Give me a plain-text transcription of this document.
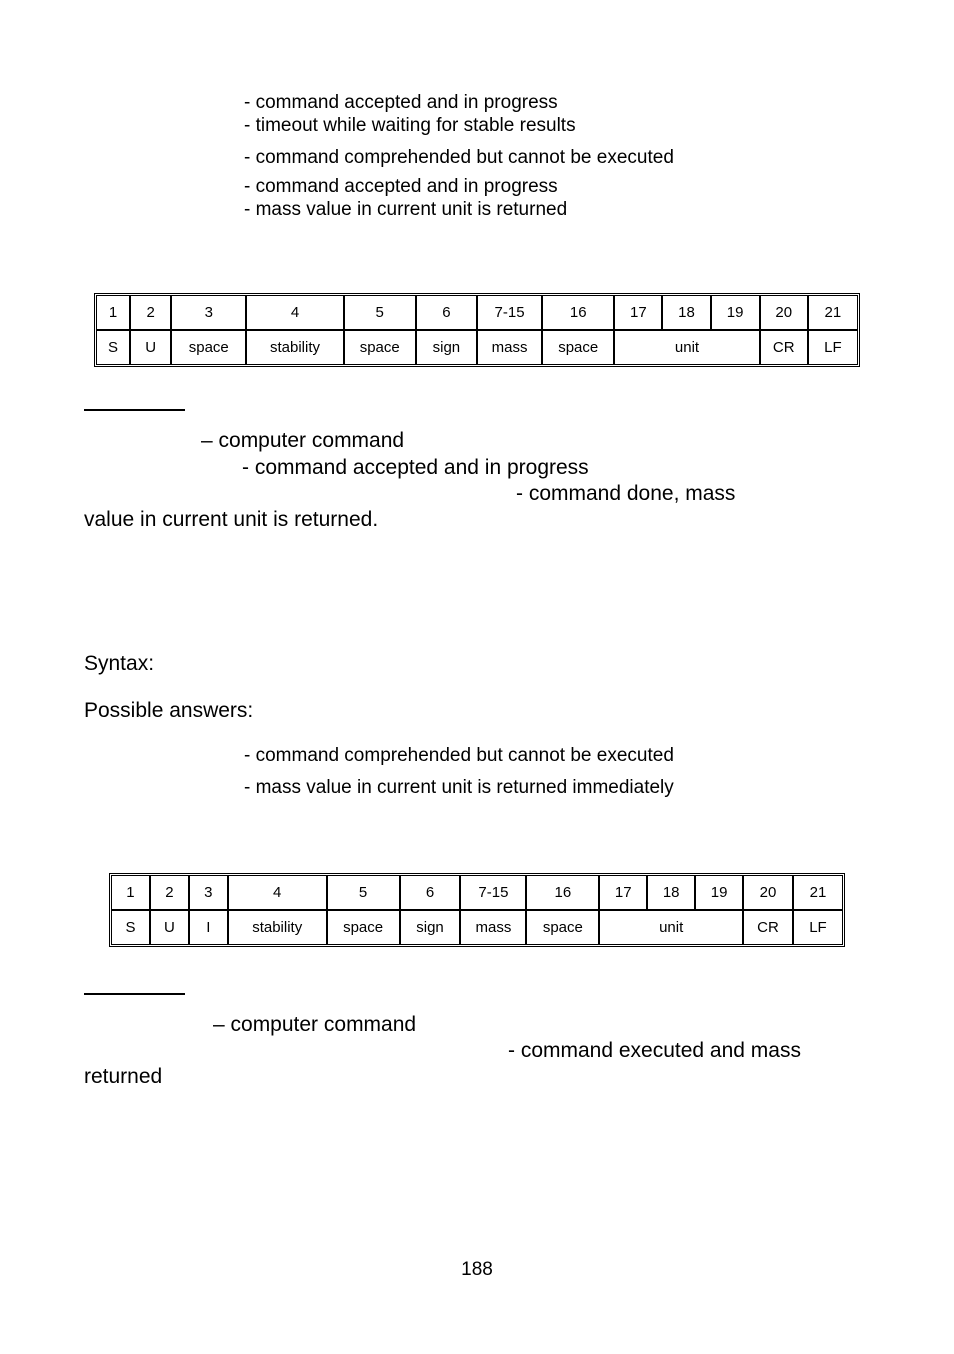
- command accepted and in progress
- timeout while waiting for stable results
- command comprehended but cannot be executed
- command accepted and in progress
- mass value in current unit is returned
1	2	3	4	5	6	7-15	16	17	18	19	20	21
S	U	space	stability	space	sign	mass	space	unit			CR	LF
– computer command
- command accepted and in progress
- command done, mass
value in current unit is returned.
Syntax:
Possible answers:
- command comprehended but cannot be executed
- mass value in current unit is returned immediately
1	2	3	4	5	6	7-15	16	17	18	19	20	21
S	U	I	stability	space	sign	mass	space	unit			CR	LF
– computer command
- command executed and mass
returned
188
